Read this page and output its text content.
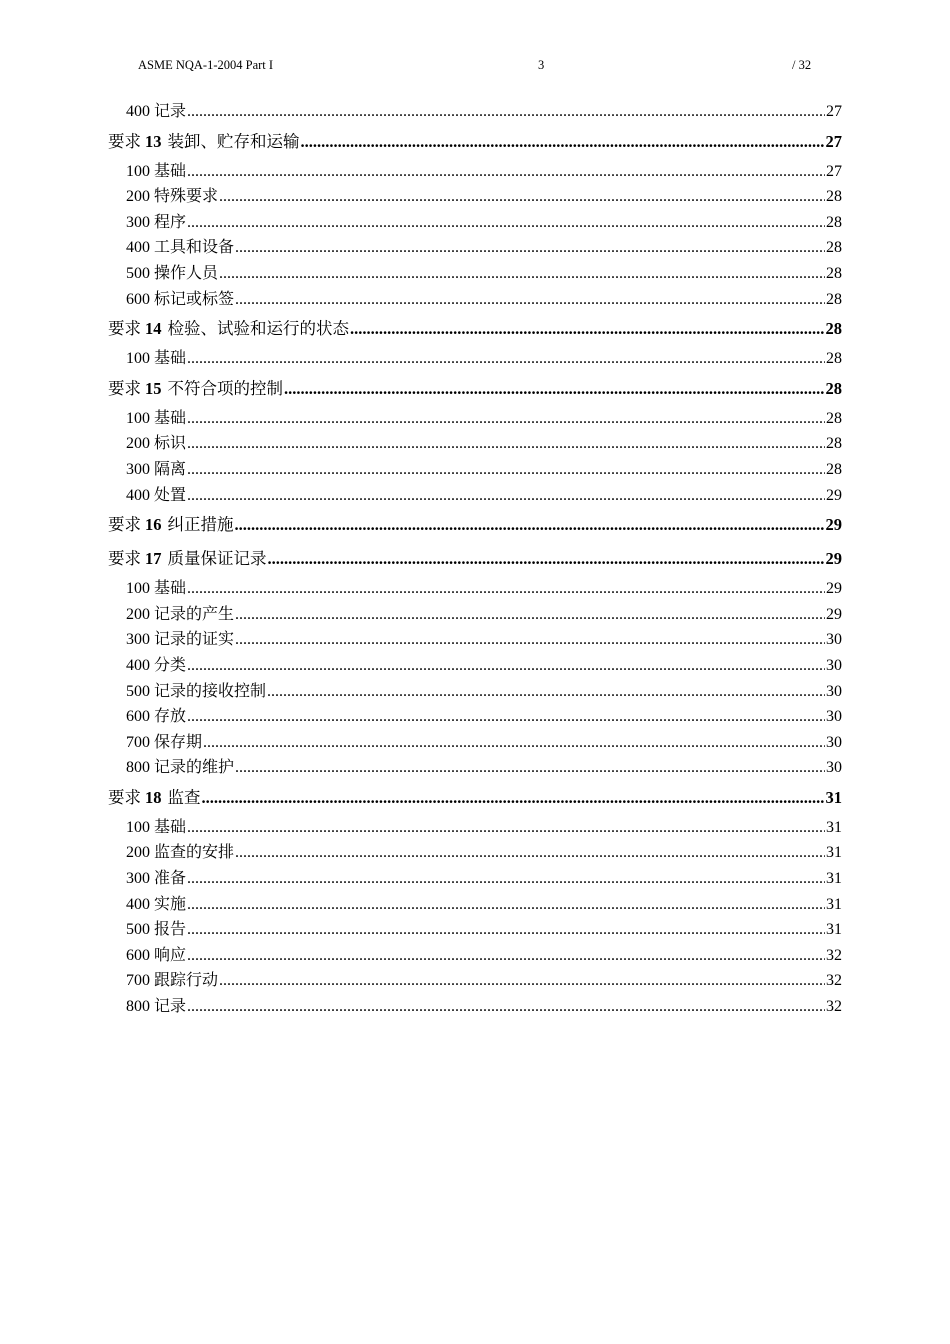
ASME NQA-1-2004 Part I	3	/ 32
400 记录 .....	27
要求 13 装卸、贮存和运输 .....	27
100 基础 .....	27
200 特殊要求 .....	28
300 程序 .....	28
400 工具和设备 .....	28
500 操作人员 .....	28
600 标记或标签 .....	28
要求 14 检验、试验和运行的状态 .....	28
100 基础 .....	28
要求 15 不符合项的控制 .....	28
100 基础 .....	28
200 标识 .....	28
300 隔离 .....	28
400 处置 .....	29
要求 16 纠正措施 .....	29
要求 17 质量保证记录 .....	29
100 基础 .....	29
200 记录的产生 .....	29
300 记录的证实 .....	30
400 分类 .....	30
500 记录的接收控制 .....	30
600 存放 .....	30
700 保存期 .....	30
800 记录的维护 .....	30
要求 18 监查 .....	31
100 基础 .....	31
200 监查的安排 .....	31
300 准备 .....	31
400 实施 .....	31
500 报告 .....	31
600 响应 .....	32
700 跟踪行动 .....	32
800 记录 .....	32
